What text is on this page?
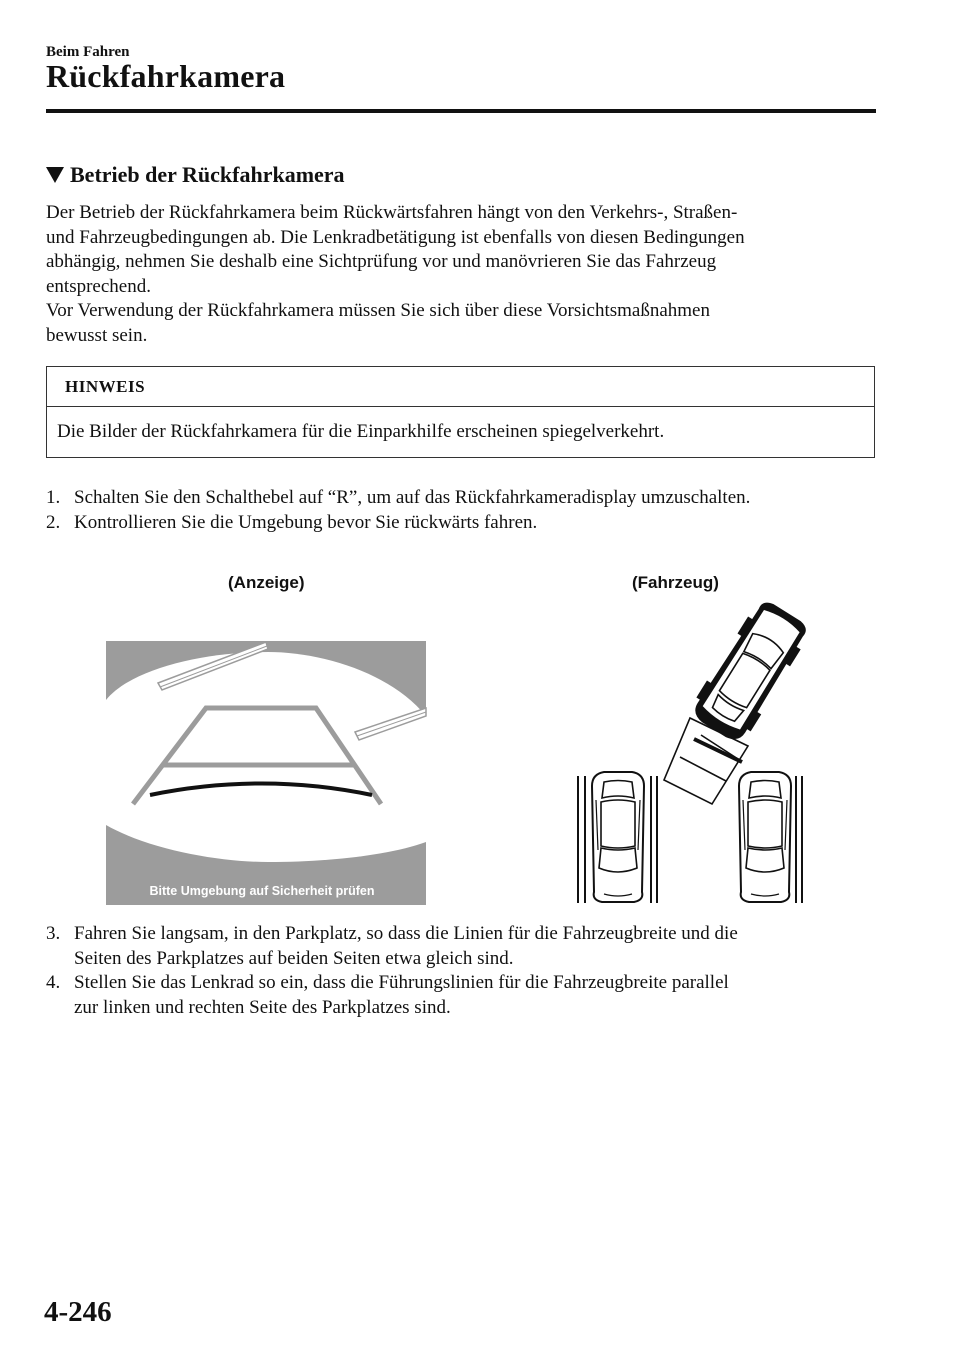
Beim Fahren
Rückfahrkamera
Betrieb der Rückfahrkamera

Der Betrieb der Rückfahrkamera beim Rückwärtsfahren hängt von den Verkehrs-, Straßen-

und Fahrzeugbedingungen ab. Die Lenkradbetätigung ist ebenfalls von diesen Bedingungen

abhängig, nehmen Sie deshalb eine Sichtprüfung vor und manövrieren Sie das Fahrzeug

entsprechend.

Vor Verwendung der Rückfahrkamera müssen Sie sich über diese Vorsichtsmaßnahmen

bewusst sein.

HINWEIS
Die Bilder der Rückfahrkamera für die Einparkhilfe erscheinen spiegelverkehrt.
1. Schalten Sie den Schalthebel auf “R”, um auf das Rückfahrkameradisplay umzuschalten.
2. Kontrollieren Sie die Umgebung bevor Sie rückwärts fahren.
(Anzeige)	(Fahrzeug)
Bitte Umgebung auf Sicherheit prüfen
3. Fahren Sie langsam, in den Parkplatz, so dass die Linien für die Fahrzeugbreite und die
Seiten des Parkplatzes auf beiden Seiten etwa gleich sind.
4. Stellen Sie das Lenkrad so ein, dass die Führungslinien für die Fahrzeugbreite parallel
zur linken und rechten Seite des Parkplatzes sind.
4-246
